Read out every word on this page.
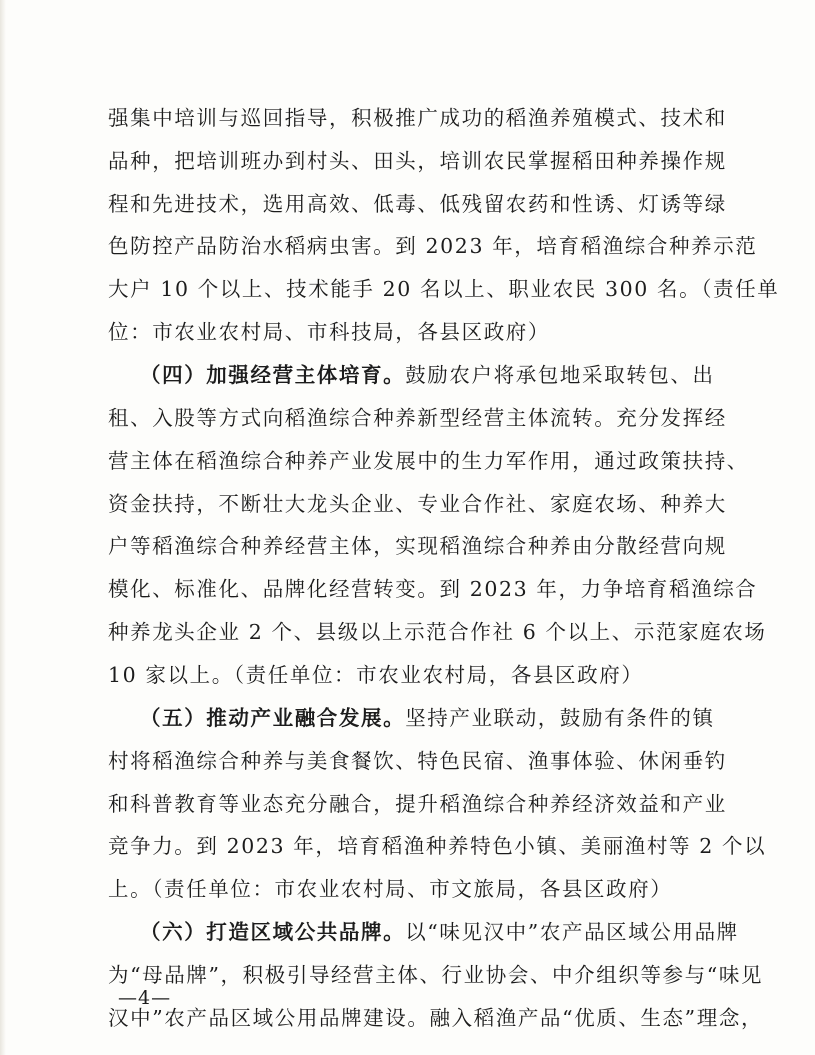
强集中培训与巡回指导，积极推广成功的稻渔养殖模式、技术和
品种，把培训班办到村头、田头，培训农民掌握稻田种养操作规
程和先进技术，选用高效、低毒、低残留农药和性诱、灯诱等绿
色防控产品防治水稻病虫害。到 2023 年，培育稻渔综合种养示范
大户 10 个以上、技术能手 20 名以上、职业农民 300 名。（责任单
位：市农业农村局、市科技局，各县区政府）
（四）加强经营主体培育。鼓励农户将承包地采取转包、出
租、入股等方式向稻渔综合种养新型经营主体流转。充分发挥经
营主体在稻渔综合种养产业发展中的生力军作用，通过政策扶持、
资金扶持，不断壮大龙头企业、专业合作社、家庭农场、种养大
户等稻渔综合种养经营主体，实现稻渔综合种养由分散经营向规
模化、标准化、品牌化经营转变。到 2023 年，力争培育稻渔综合
种养龙头企业 2 个、县级以上示范合作社 6 个以上、示范家庭农场
10 家以上。（责任单位：市农业农村局，各县区政府）
（五）推动产业融合发展。坚持产业联动，鼓励有条件的镇
村将稻渔综合种养与美食餐饮、特色民宿、渔事体验、休闲垂钓
和科普教育等业态充分融合，提升稻渔综合种养经济效益和产业
竞争力。到 2023 年，培育稻渔种养特色小镇、美丽渔村等 2 个以
上。（责任单位：市农业农村局、市文旅局，各县区政府）
（六）打造区域公共品牌。以“味见汉中”农产品区域公用品牌
为“母品牌”，积极引导经营主体、行业协会、中介组织等参与“味见
汉中”农产品区域公用品牌建设。融入稻渔产品“优质、生态”理念，
—4—
